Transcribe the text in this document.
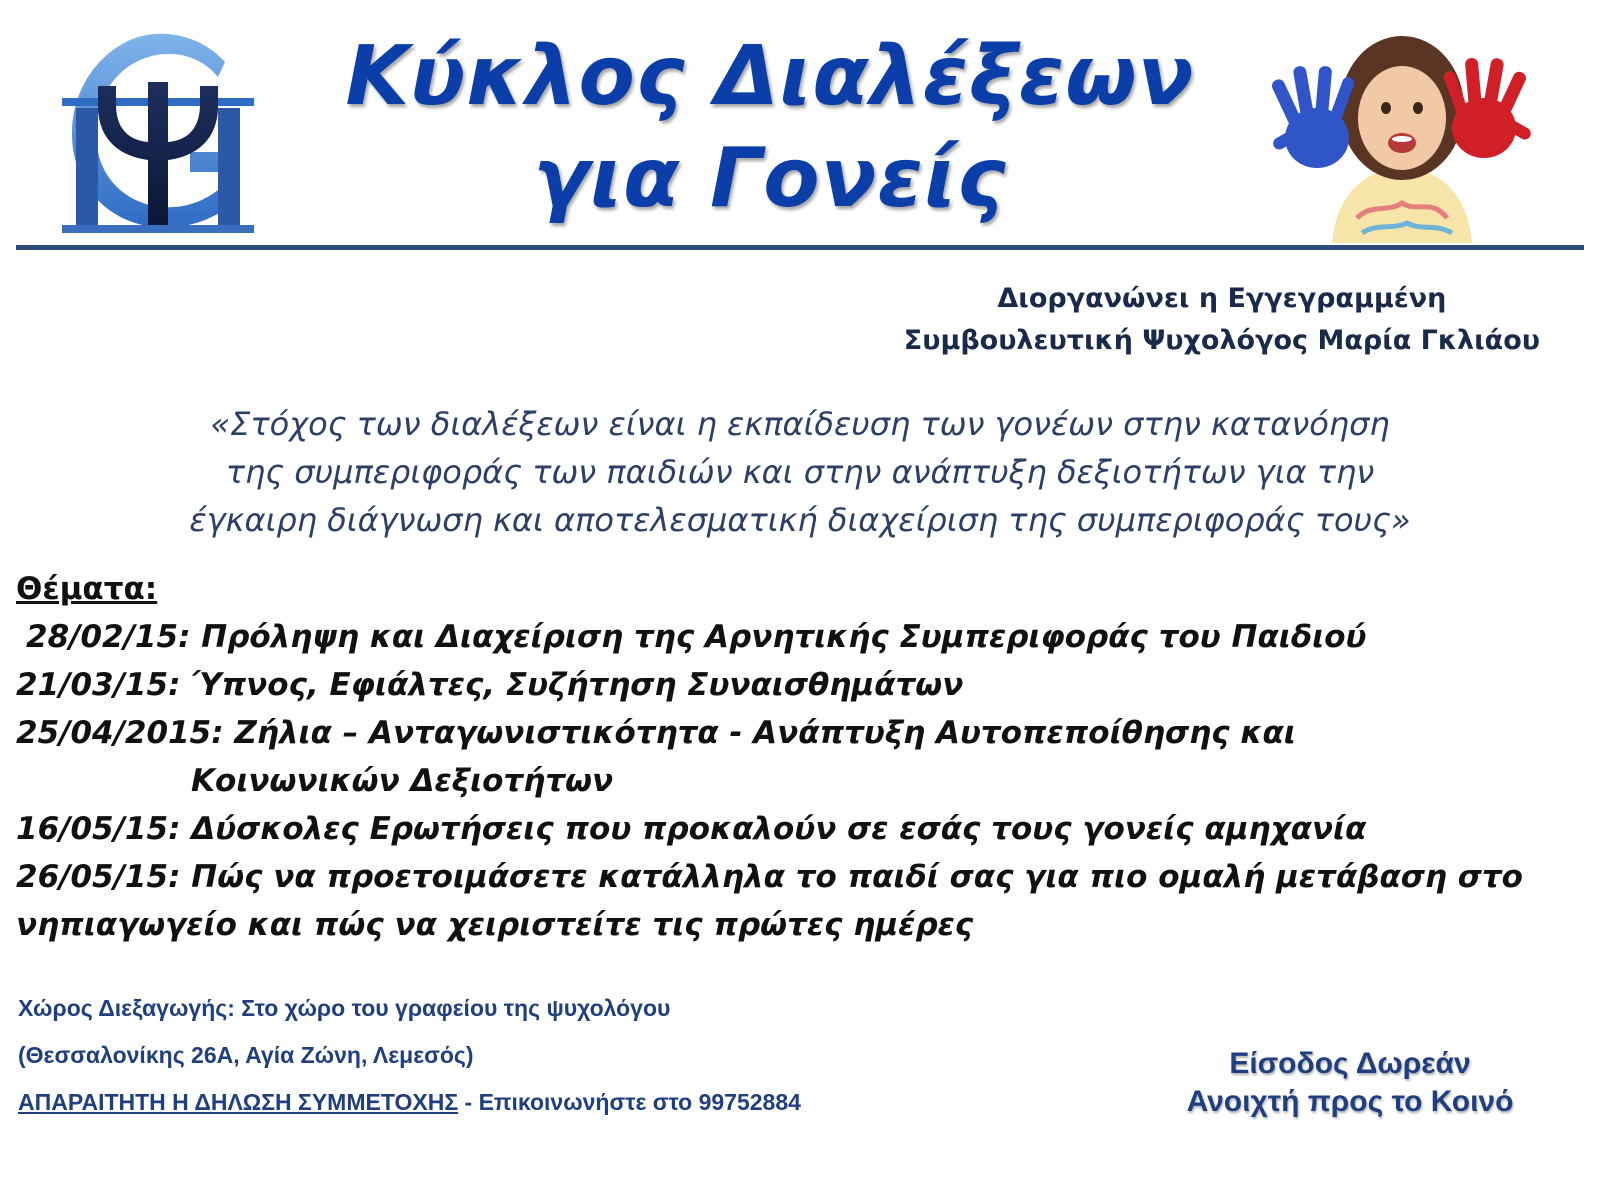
Κύκλος Διαλέξεων
για Γονείς
Διοργανώνει η Εγγεγραμμένη
Συμβουλευτική Ψυχολόγος Μαρία Γκλιάου
«Στόχος των διαλέξεων είναι η εκπαίδευση των γονέων στην κατανόηση
της συμπεριφοράς των παιδιών και στην ανάπτυξη δεξιοτήτων για την
έγκαιρη διάγνωση και αποτελεσματική διαχείριση της συμπεριφοράς τους»
Θέματα:
28/02/15: Πρόληψη και Διαχείριση της Αρνητικής Συμπεριφοράς του Παιδιού
21/03/15: Ύπνος, Εφιάλτες, Συζήτηση Συναισθημάτων
25/04/2015: Ζήλια – Ανταγωνιστικότητα - Ανάπτυξη Αυτοπεποίθησης και
Κοινωνικών Δεξιοτήτων
16/05/15: Δύσκολες Ερωτήσεις που προκαλούν σε εσάς τους γονείς αμηχανία
26/05/15: Πώς να προετοιμάσετε κατάλληλα το παιδί σας για πιο ομαλή μετάβαση στο
νηπιαγωγείο και πώς να χειριστείτε τις πρώτες ημέρες
Χώρος Διεξαγωγής: Στο χώρο του γραφείου της ψυχολόγου
(Θεσσαλονίκης 26Α, Αγία Ζώνη, Λεμεσός)
ΑΠΑΡΑΙΤΗΤΗ Η ΔΗΛΩΣΗ ΣΥΜΜΕΤΟΧΗΣ - Επικοινωνήστε στο 99752884
Είσοδος Δωρεάν
Ανοιχτή προς το Κοινό
